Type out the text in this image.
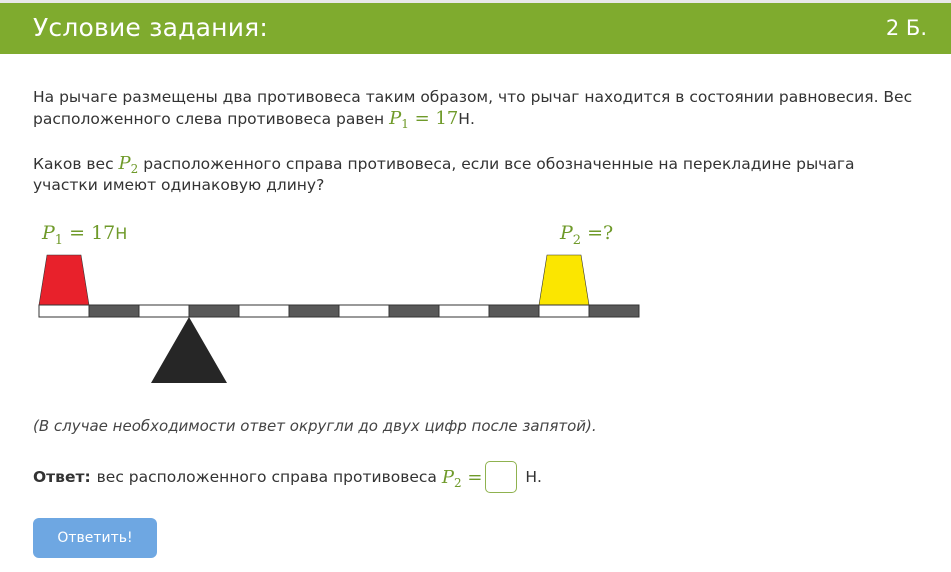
Условие задания:	2 Б.
На рычаге размещены два противовеса таким образом, что рычаг находится в состоянии равновесия. Вес расположенного слева противовеса равен $P_1 = 17Н$.
Каков вес $P_2$ расположенного справа противовеса, если все обозначенные на перекладине рычага участки имеют одинаковую длину?
$P_1 = 17Н$	$P_2$ =?
(В случае необходимости ответ округли до двух цифр после запятой).
Ответ: вес расположенного справа противовеса
$P_2$ =	Н.
Ответить!
